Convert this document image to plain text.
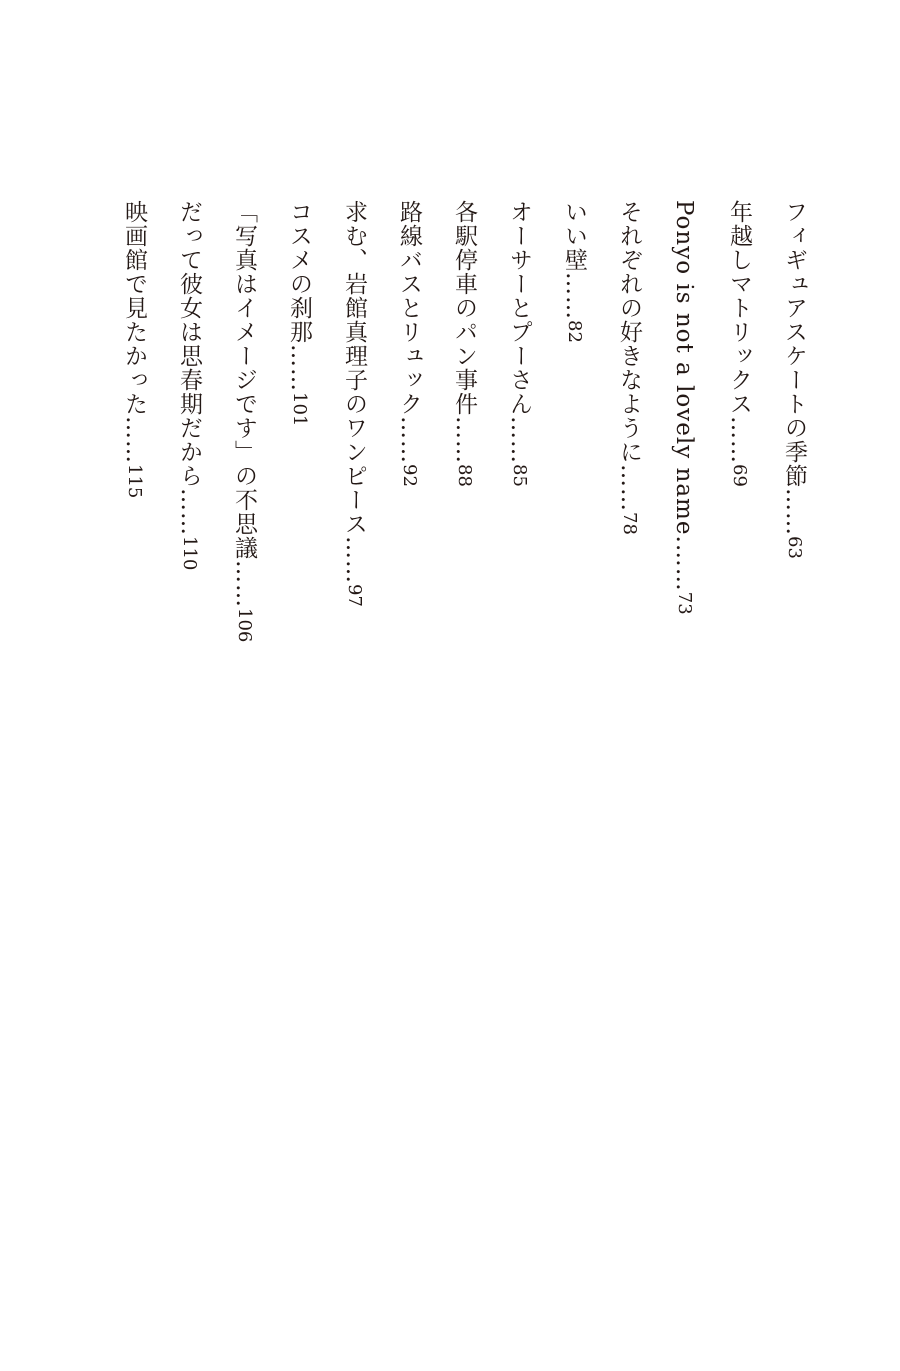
フィギュアスケートの季節……63
年越しマトリックス……69
Ponyo is not a lovely name.……73
それぞれの好きなように……78
いい壁……82
オーサーとプーさん……85
各駅停車のパン事件……88
路線バスとリュック……92
求む、岩館真理子のワンピース……97
コスメの刹那……101
「写真はイメージです」の不思議……106
だって彼女は思春期だから……110
映画館で見たかった……115
